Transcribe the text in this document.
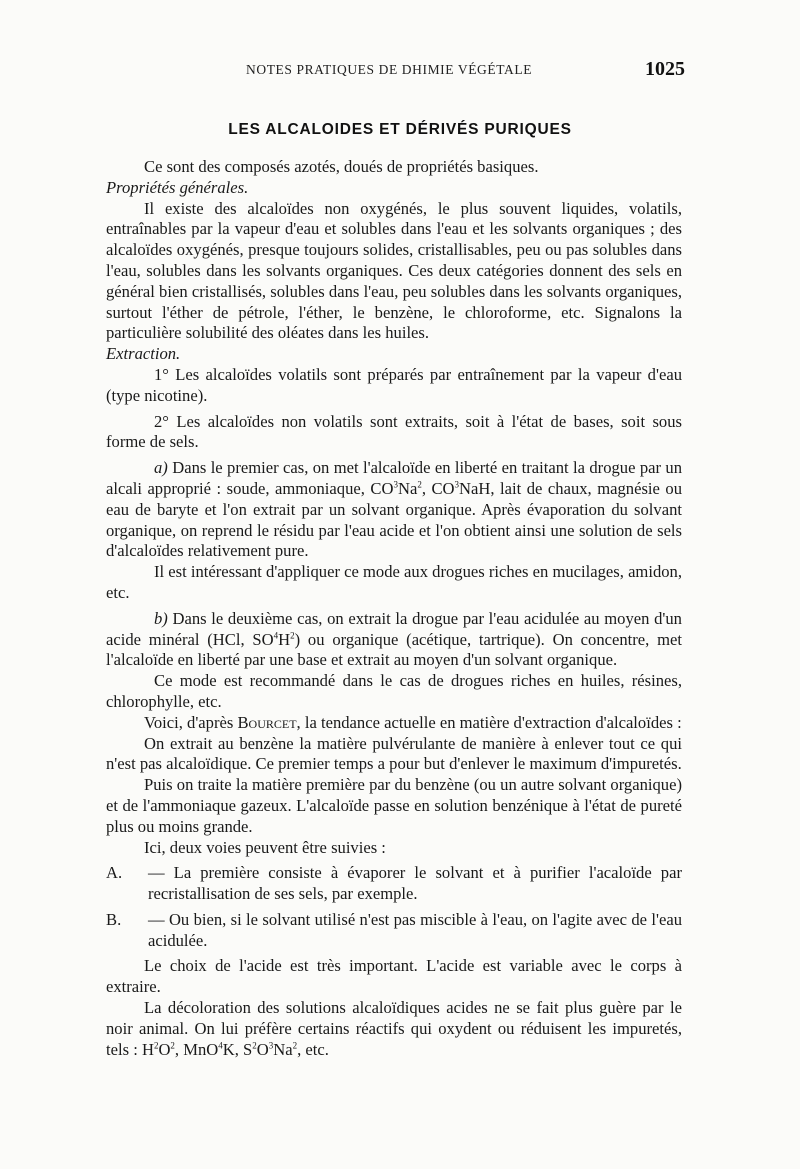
NOTES PRATIQUES DE DHIMIE VÉGÉTALE	1025
LES ALCALOIDES ET DÉRIVÉS PURIQUES

Ce sont des composés azotés, doués de propriétés basiques.

Propriétés générales.

Il existe des alcaloïdes non oxygénés, le plus souvent liquides, volatils, entraînables par la vapeur d'eau et solubles dans l'eau et les solvants organiques ; des alcaloïdes oxygénés, presque toujours solides, cristallisables, peu ou pas solubles dans l'eau, solubles dans les solvants organiques. Ces deux catégories donnent des sels en général bien cristallisés, solubles dans l'eau, peu solubles dans les solvants organiques, surtout l'éther de pétrole, l'éther, le benzène, le chloroforme, etc. Signalons la particulière solubilité des oléates dans les huiles.

Extraction.

1° Les alcaloïdes volatils sont préparés par entraînement par la vapeur d'eau (type nicotine).

2° Les alcaloïdes non volatils sont extraits, soit à l'état de bases, soit sous forme de sels.

a) Dans le premier cas, on met l'alcaloïde en liberté en traitant la drogue par un alcali approprié : soude, ammoniaque, $CO^3Na^2$, $CO^3NaH$, lait de chaux, magnésie ou eau de baryte et l'on extrait par un solvant organique. Après évaporation du solvant organique, on reprend le résidu par l'eau acide et l'on obtient ainsi une solution de sels d'alcaloïdes relativement pure.

Il est intéressant d'appliquer ce mode aux drogues riches en mucilages, amidon, etc.

b) Dans le deuxième cas, on extrait la drogue par l'eau acidulée au moyen d'un acide minéral (HCl, $SO^4H^2$) ou organique (acétique, tartrique). On concentre, met l'alcaloïde en liberté par une base et extrait au moyen d'un solvant organique.

Ce mode est recommandé dans le cas de drogues riches en huiles, résines, chlorophylle, etc.

Voici, d'après Bourcet, la tendance actuelle en matière d'extraction d'alcaloïdes :

On extrait au benzène la matière pulvérulante de manière à enlever tout ce qui n'est pas alcaloïdique. Ce premier temps a pour but d'enlever le maximum d'impuretés.

Puis on traite la matière première par du benzène (ou un autre solvant organique) et de l'ammoniaque gazeux. L'alcaloïde passe en solution benzénique à l'état de pureté plus ou moins grande.

Ici, deux voies peuvent être suivies :

A. — La première consiste à évaporer le solvant et à purifier l'acaloïde par recristallisation de ses sels, par exemple.

B. — Ou bien, si le solvant utilisé n'est pas miscible à l'eau, on l'agite avec de l'eau acidulée.

Le choix de l'acide est très important. L'acide est variable avec le corps à extraire.

La décoloration des solutions alcaloïdiques acides ne se fait plus guère par le noir animal. On lui préfère certains réactifs qui oxydent ou réduisent les impuretés, tels : $H^2O^2$, MnO$^4$K, $S^2O^3Na^2$, etc.
